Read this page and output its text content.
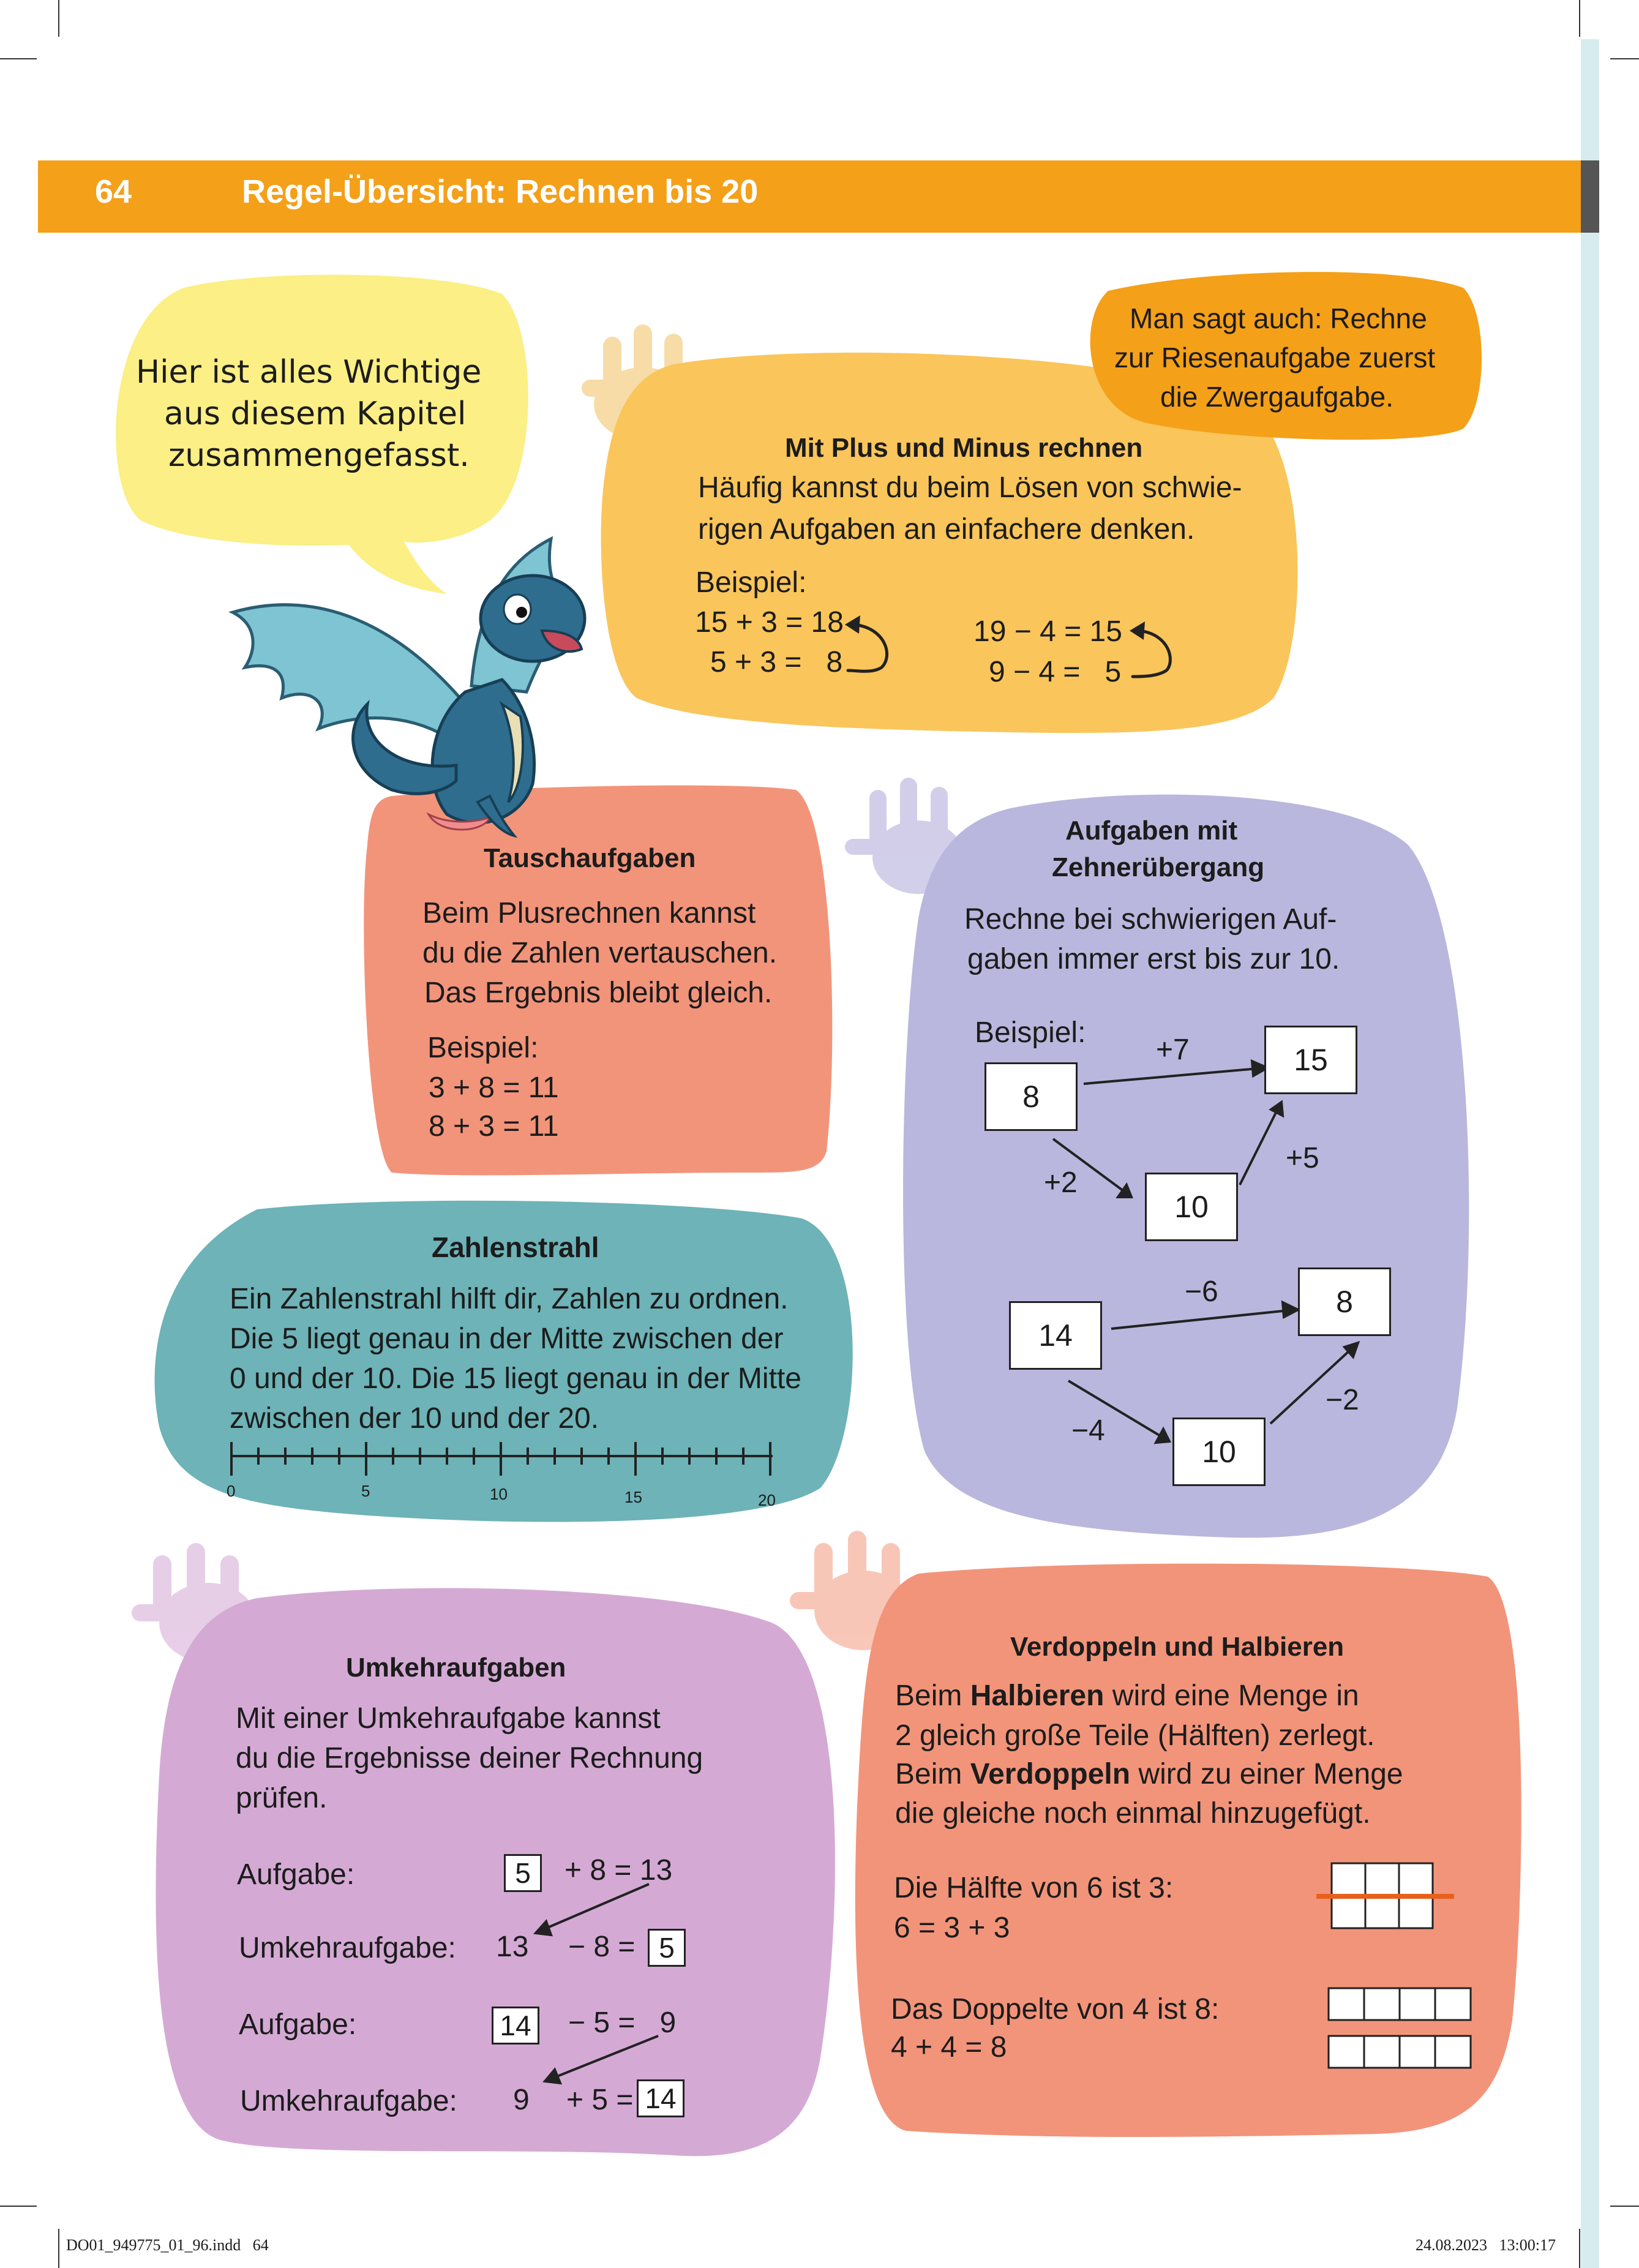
64	Regel-Übersicht: Rechnen bis 20
Hier ist alles Wichtige
aus diesem Kapitel
zusammengefasst.
Man sagt auch: Rechne
zur Riesenaufgabe zuerst
die Zwergaufgabe.
Mit Plus und Minus rechnen
Häufig kannst du beim Lösen von schwie-
rigen Aufgaben an einfachere denken.
Beispiel:
15 + 3 = 18
5 + 3 =   8
19 − 4 = 15
9 − 4 =   5
Tauschaufgaben
Beim Plusrechnen kannst
du die Zahlen vertauschen.
Das Ergebnis bleibt gleich.
Beispiel:
3 + 8 = 11
8 + 3 = 11
Aufgaben mit
Zehnerübergang
Rechne bei schwierigen Auf-
gaben immer erst bis zur 10.
Beispiel:
8
15
10
+7
+2
+5
14
8
10
−6
−4
−2
Zahlenstrahl
Ein Zahlenstrahl hilft dir, Zahlen zu ordnen.
Die 5 liegt genau in der Mitte zwischen der
0 und der 10. Die 15 liegt genau in der Mitte
zwischen der 10 und der 20.
0	5	10	15	20
Umkehraufgaben
Mit einer Umkehraufgabe kannst
du die Ergebnisse deiner Rechnung
prüfen.
Aufgabe:	5	+ 8 = 13
Umkehraufgabe: 13 − 8 = 5
Aufgabe:	14 − 5 =   9
Umkehraufgabe: 9 + 5 = 14
Verdoppeln und Halbieren
Beim Halbieren wird eine Menge in
2 gleich große Teile (Hälften) zerlegt.
Beim Verdoppeln wird zu einer Menge
die gleiche noch einmal hinzugefügt.
Die Hälfte von 6 ist 3:
6 = 3 + 3
Das Doppelte von 4 ist 8:
4 + 4 = 8
DO01_949775_01_96.indd   64	24.08.2023   13:00:17
